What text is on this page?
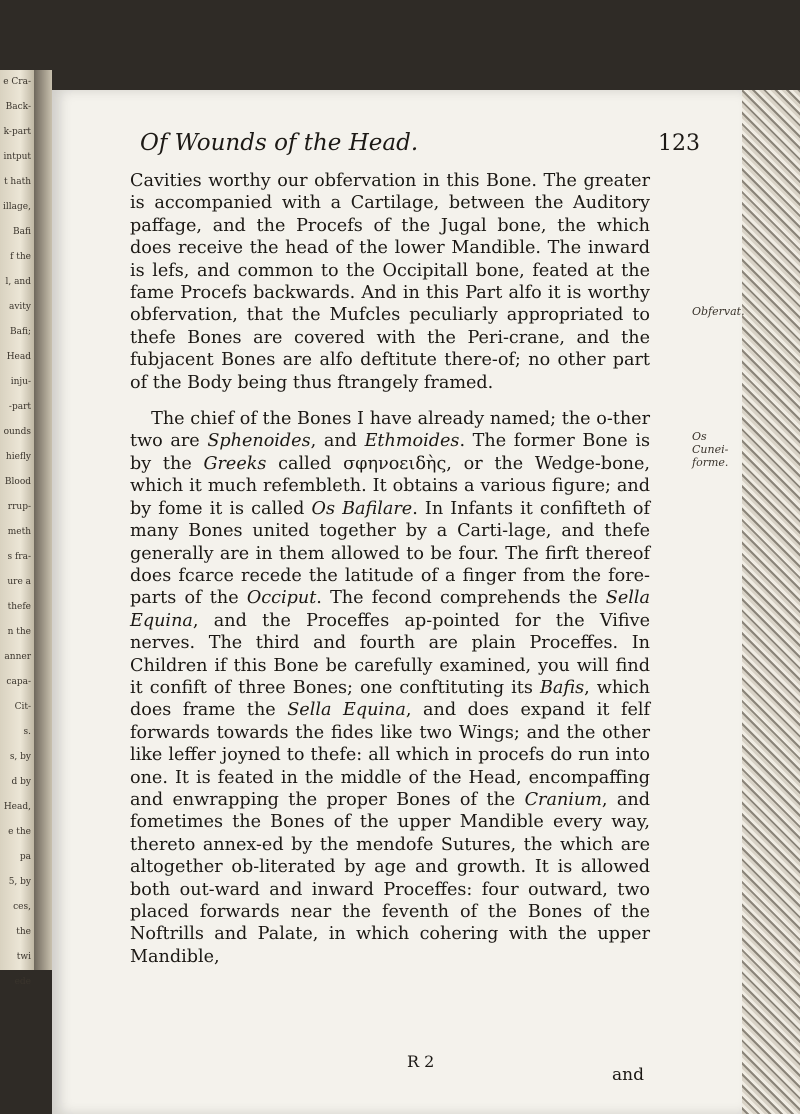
e Cra-
Back-
k-part
intput
t hath
illage,
Bafi
f the
l, and
avity
Bafi;
Head
inju-
-part
ounds
hiefly
Blood
rrup-
meth
s fra-
ure a
thefe
n the
anner
capa-
Cit-
s.
s, by
d by
Head,
e the
pa
5, by
ces,
the
twi
ede
Of Wounds of the Head.	123
Obfervat.
Os Cunei-forme.

Cavities worthy our obfervation in this Bone. The greater is accompanied with a Cartilage, between the Auditory paffage, and the Procefs of the Jugal bone, the which does receive the head of the lower Mandible. The inward is lefs, and common to the Occipitall bone, feated at the fame Procefs backwards. And in this Part alfo it is worthy obfervation, that the Mufcles peculiarly appropriated to thefe Bones are covered with the Peri-crane, and the fubjacent Bones are alfo deftitute there-of; no other part of the Body being thus ftrangely framed.

The chief of the Bones I have already named; the o-ther two are Sphenoides, and Ethmoides. The former Bone is by the Greeks called σφηνοειδὴς, or the Wedge-bone, which it much refembleth. It obtains a various figure; and by fome it is called Os Bafilare. In Infants it confifteth of many Bones united together by a Carti-lage, and thefe generally are in them allowed to be four. The firft thereof does fcarce recede the latitude of a finger from the fore-parts of the Occiput. The fecond comprehends the Sella Equina, and the Proceffes ap-pointed for the Vifive nerves. The third and fourth are plain Proceffes. In Children if this Bone be carefully examined, you will find it confift of three Bones; one conftituting its Bafis, which does frame the Sella Equina, and does expand it felf forwards towards the fides like two Wings; and the other like leffer joyned to thefe: all which in procefs do run into one. It is feated in the middle of the Head, encompaffing and enwrapping the proper Bones of the Cranium, and fometimes the Bones of the upper Mandible every way, thereto annex-ed by the mendofe Sutures, the which are altogether ob-literated by age and growth. It is allowed both out-ward and inward Proceffes: four outward, two placed forwards near the feventh of the Bones of the Noftrills and Palate, in which cohering with the upper Mandible,

R 2
and
